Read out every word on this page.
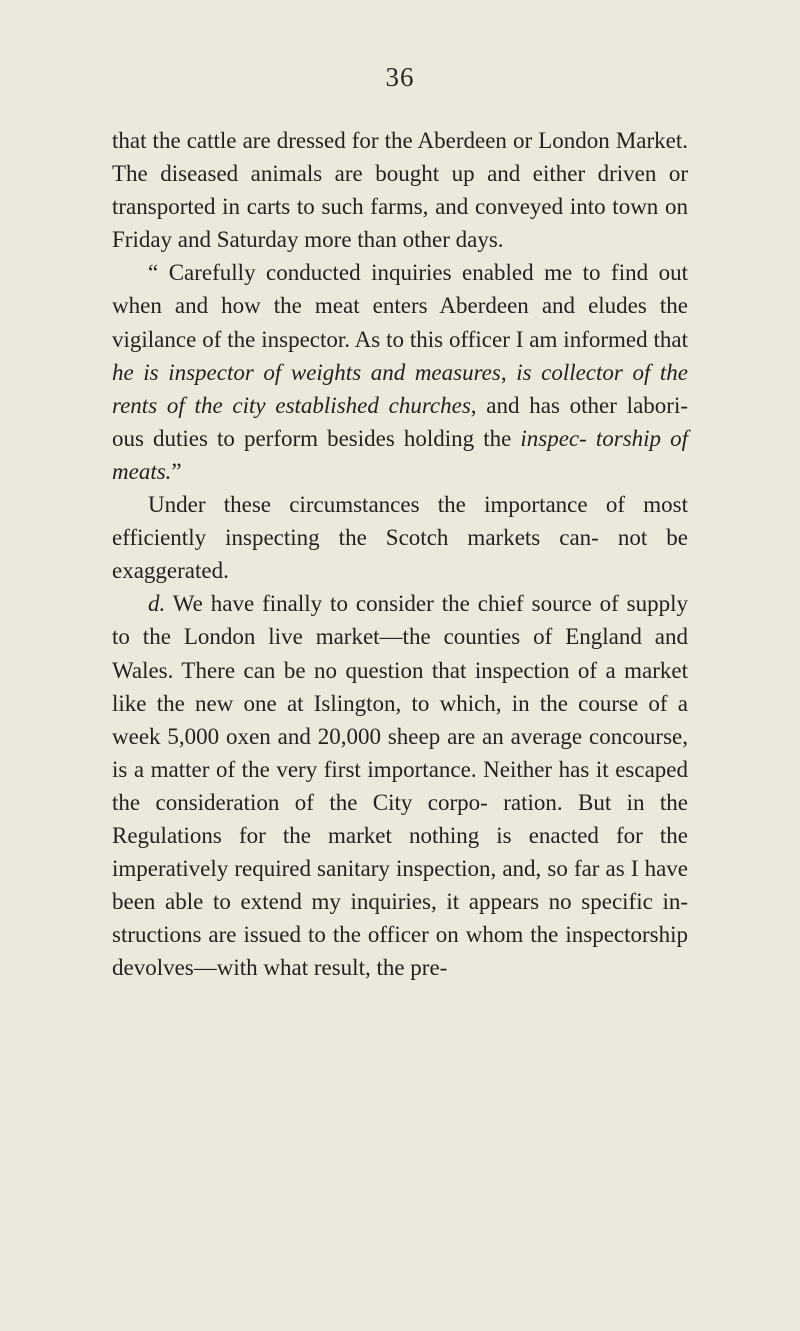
36

that the cattle are dressed for the Aberdeen or London Market. The diseased animals are bought up and either driven or transported in carts to such farms, and conveyed into town on Friday and Saturday more than other days.

“ Carefully conducted inquiries enabled me to find out when and how the meat enters Aberdeen and eludes the vigilance of the inspector. As to this officer I am informed that he is inspector of weights and measures, is collector of the rents of the city established churches, and has other labori- ous duties to perform besides holding the inspec- torship of meats.”

Under these circumstances the importance of most efficiently inspecting the Scotch markets can- not be exaggerated.

d. We have finally to consider the chief source of supply to the London live market—the counties of England and Wales. There can be no question that inspection of a market like the new one at Islington, to which, in the course of a week 5,000 oxen and 20,000 sheep are an average concourse, is a matter of the very first importance. Neither has it escaped the consideration of the City corpo- ration. But in the Regulations for the market nothing is enacted for the imperatively required sanitary inspection, and, so far as I have been able to extend my inquiries, it appears no specific in- structions are issued to the officer on whom the inspectorship devolves—with what result, the pre-
